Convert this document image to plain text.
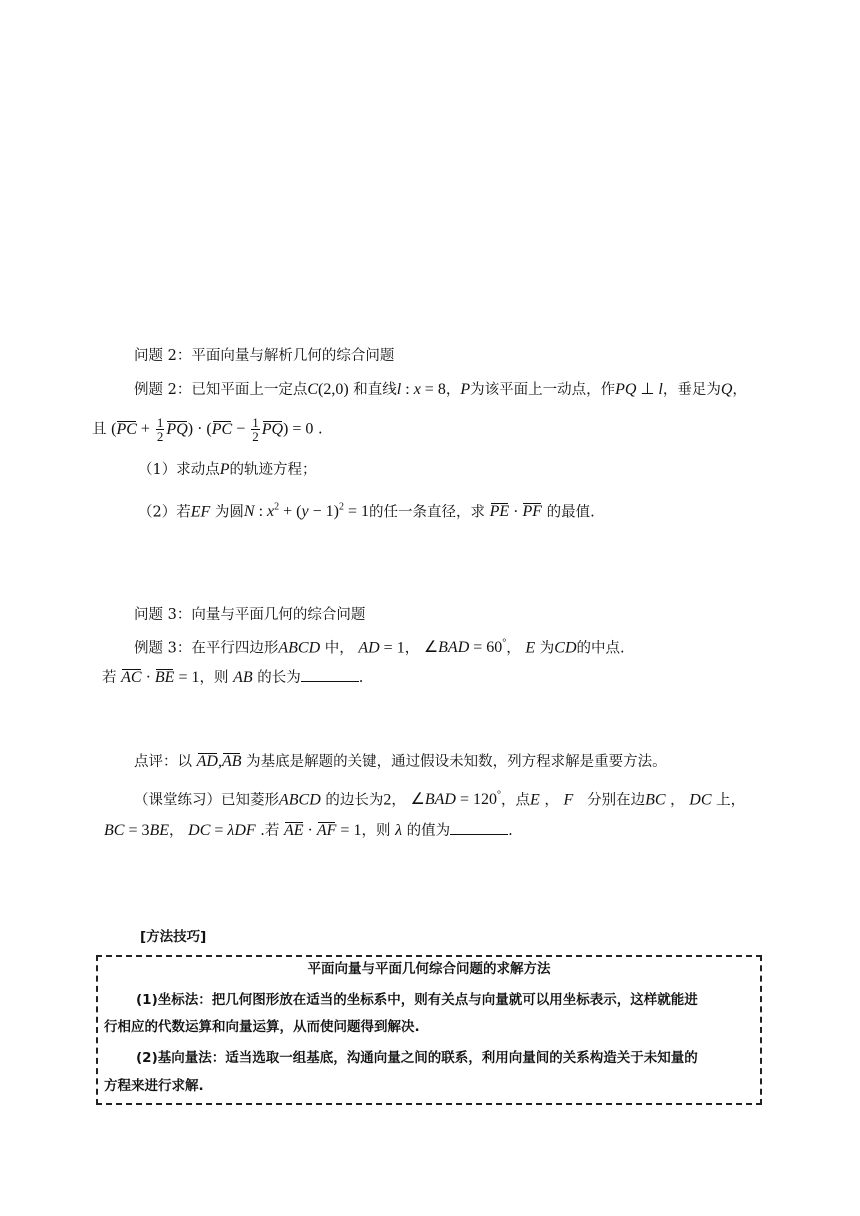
问题 2：平面向量与解析几何的综合问题
例题 2：已知平面上一定点C(2,0) 和直线l : x = 8，P为该平面上一动点，作PQ ⊥ l，垂足为Q，
且 $(PC + \frac{1}{2} PQ) \cdot (PC - \frac{1}{2} PQ) = 0$ .
（1）求动点P的轨迹方程；
（2）若EF 为圆N : $x^2 + (y - 1)^2 = 1$的任一条直径，求 PE · PF 的最值.
问题 3：向量与平面几何的综合问题
例题 3：在平行四边形ABCD 中， AD = 1， ∠BAD = 60°， E 为CD的中点.
若 AC · BE = 1，则 AB 的长为	.
点评：以 AD,AB 为基底是解题的关键，通过假设未知数，列方程求解是重要方法。
（课堂练习）已知菱形ABCD 的边长为2， ∠BAD = 120°，点E ， F 分别在边BC ， DC 上，
BC = 3BE， DC = λDF .若 AE · AF = 1，则 λ 的值为	.
[方法技巧]
平面向量与平面几何综合问题的求解方法
(1)坐标法：把几何图形放在适当的坐标系中，则有关点与向量就可以用坐标表示，这样就能进
行相应的代数运算和向量运算，从而使问题得到解决.
(2)基向量法：适当选取一组基底，沟通向量之间的联系，利用向量间的关系构造关于未知量的
方程来进行求解.
